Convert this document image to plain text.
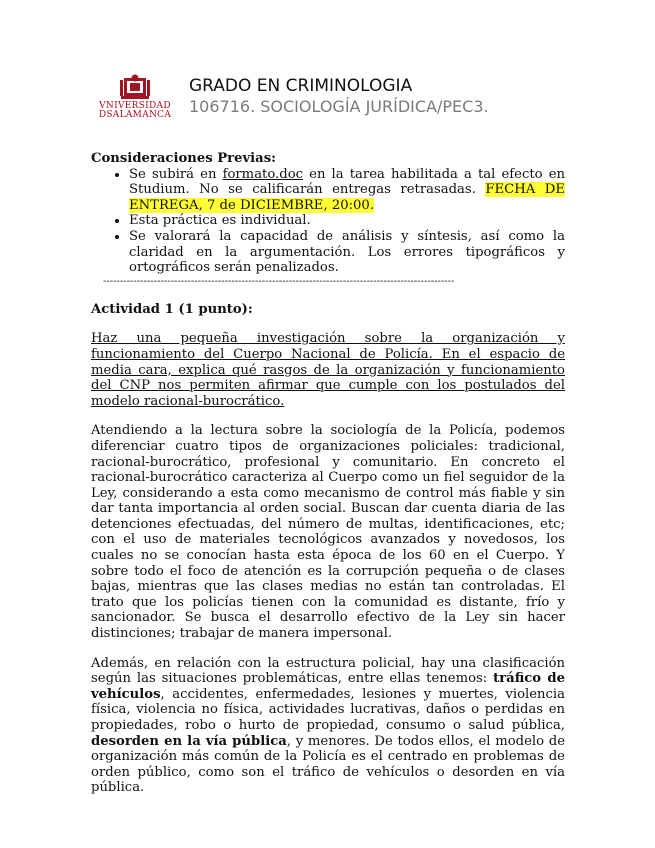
VNIVERSIDAD
DSALAMANCA
GRADO EN CRIMINOLOGIA
106716. SOCIOLOGÍA JURÍDICA/PEC3.
Consideraciones Previas:
• Se subirá en formato.doc en la tarea habilitada a tal efecto en Studium. No se calificarán entregas retrasadas. FECHA DE ENTREGA, 7 de DICIEMBRE, 20:00.
• Esta práctica es individual.
• Se valorará la capacidad de análisis y síntesis, así como la claridad en la argumentación. Los errores tipográficos y ortográficos serán penalizados.
--------------------------------------------------------------------------------------------------------
Actividad 1 (1 punto):
Haz una pequeña investigación sobre la organización y funcionamiento del Cuerpo Nacional de Policía. En el espacio de media cara, explica qué rasgos de la organización y funcionamiento del CNP nos permiten afirmar que cumple con los postulados del modelo racional-burocrático.

Atendiendo a la lectura sobre la sociología de la Policía, podemos diferenciar cuatro tipos de organizaciones policiales: tradicional, racional-burocrático, profesional y comunitario. En concreto el racional-burocrático caracteriza al Cuerpo como un fiel seguidor de la Ley, considerando a esta como mecanismo de control más fiable y sin dar tanta importancia al orden social. Buscan dar cuenta diaria de las detenciones efectuadas, del número de multas, identificaciones, etc; con el uso de materiales tecnológicos avanzados y novedosos, los cuales no se conocían hasta esta época de los 60 en el Cuerpo. Y sobre todo el foco de atención es la corrupción pequeña o de clases bajas, mientras que las clases medias no están tan controladas. El trato que los policías tienen con la comunidad es distante, frío y sancionador. Se busca el desarrollo efectivo de la Ley sin hacer distinciones; trabajar de manera impersonal.

Además, en relación con la estructura policial, hay una clasificación según las situaciones problemáticas, entre ellas tenemos: tráfico de vehículos, accidentes, enfermedades, lesiones y muertes, violencia física, violencia no física, actividades lucrativas, daños o perdidas en propiedades, robo o hurto de propiedad, consumo o salud pública, desorden en la vía pública, y menores. De todos ellos, el modelo de organización más común de la Policía es el centrado en problemas de orden público, como son el tráfico de vehículos o desorden en vía pública.
